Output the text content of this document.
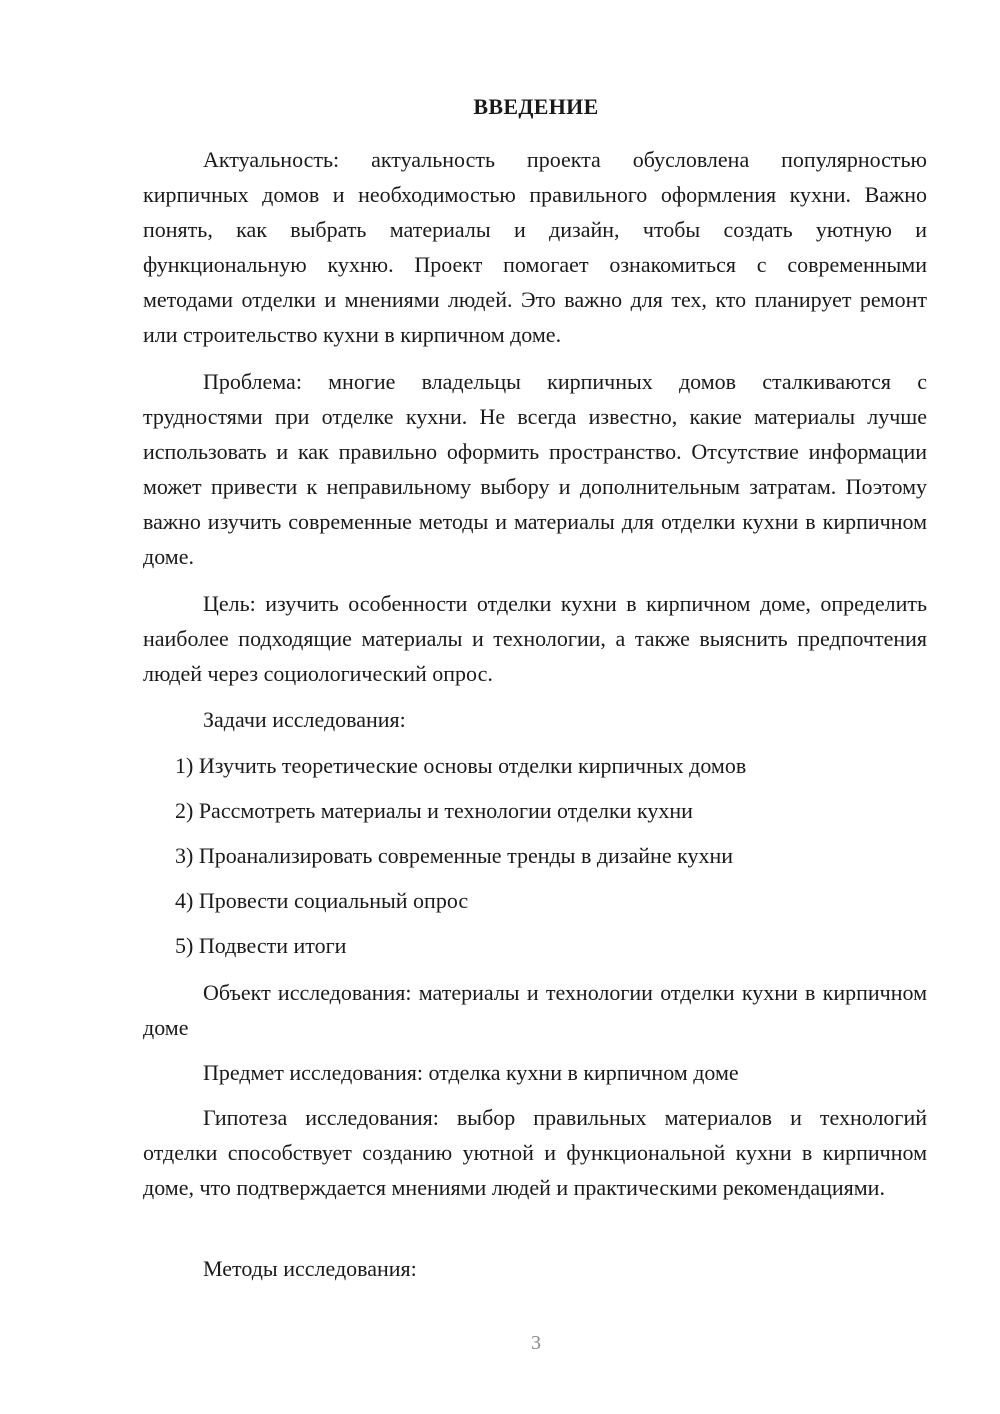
ВВЕДЕНИЕ

Актуальность: актуальность проекта обусловлена популярностью кирпичных домов и необходимостью правильного оформления кухни. Важно понять, как выбрать материалы и дизайн, чтобы создать уютную и функциональную кухню. Проект помогает ознакомиться с современными методами отделки и мнениями людей. Это важно для тех, кто планирует ремонт или строительство кухни в кирпичном доме.

Проблема: многие владельцы кирпичных домов сталкиваются с трудностями при отделке кухни. Не всегда известно, какие материалы лучше использовать и как правильно оформить пространство. Отсутствие информации может привести к неправильному выбору и дополнительным затратам. Поэтому важно изучить современные методы и материалы для отделки кухни в кирпичном доме.

Цель: изучить особенности отделки кухни в кирпичном доме, определить наиболее подходящие материалы и технологии, а также выяснить предпочтения людей через социологический опрос.

Задачи исследования:

1) Изучить теоретические основы отделки кирпичных домов

2) Рассмотреть материалы и технологии отделки кухни

3) Проанализировать современные тренды в дизайне кухни

4) Провести социальный опрос

5) Подвести итоги

Объект исследования: материалы и технологии отделки кухни в кирпичном доме

Предмет исследования: отделка кухни в кирпичном доме

Гипотеза исследования: выбор правильных материалов и технологий отделки способствует созданию уютной и функциональной кухни в кирпичном доме, что подтверждается мнениями людей и практическими рекомендациями.

Методы исследования:

3
